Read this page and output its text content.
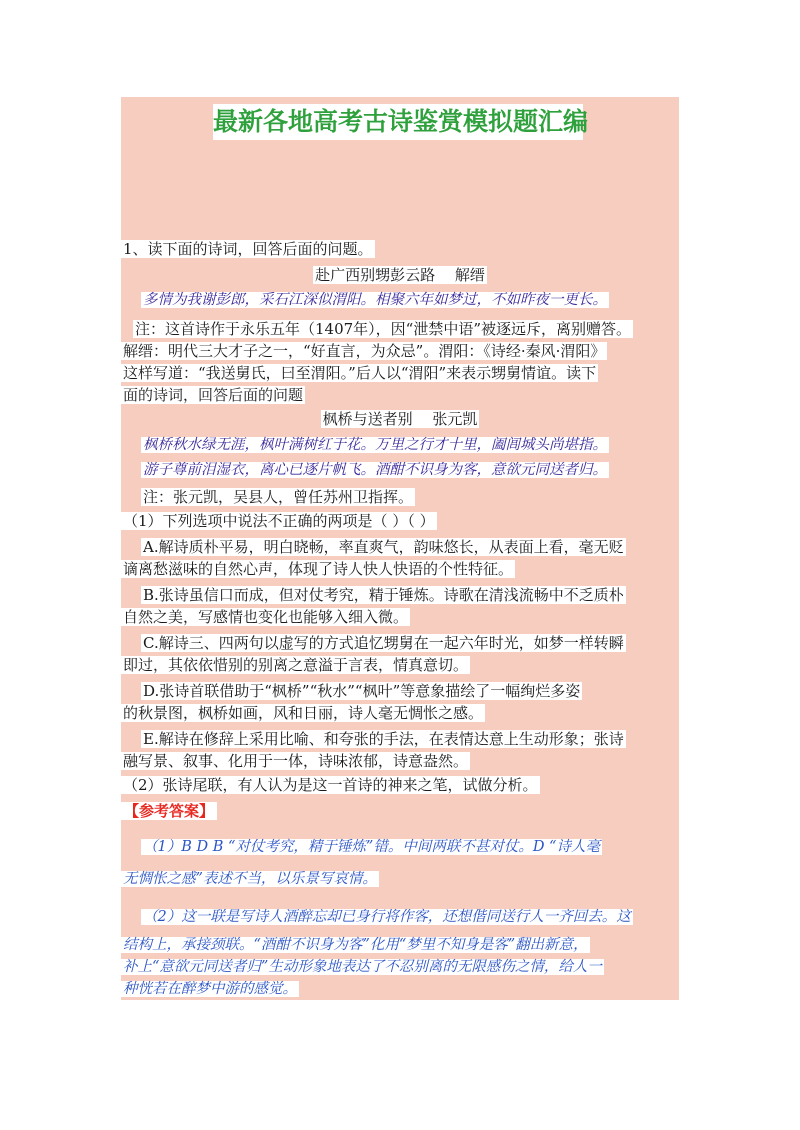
最新各地高考古诗鉴赏模拟题汇编
1、读下面的诗词，回答后面的问题。
赴广西别甥彭云路　 解缙
多情为我谢彭郎，采石江深似渭阳。相聚六年如梦过，不如昨夜一更长。
注：这首诗作于永乐五年（1407年），因“泄禁中语”被逐远斥，离别赠答。
解缙：明代三大才子之一，“好直言，为众忌”。渭阳：《诗经·秦风·渭阳》
这样写道：“我送舅氏，曰至渭阳。”后人以“渭阳”来表示甥舅情谊。读下
面的诗词，回答后面的问题
枫桥与送者别　 张元凯
枫桥秋水绿无涯，枫叶满树红于花。万里之行才十里，阖闾城头尚堪指。
游子尊前泪湿衣，离心已逐片帆飞。酒酣不识身为客，意欲元同送者归。
注：张元凯，吴县人，曾任苏州卫指挥。
（1）下列选项中说法不正确的两项是（ ）（ ）
A.解诗质朴平易，明白晓畅，率直爽气，韵味悠长，从表面上看，毫无贬
谪离愁滋味的自然心声，体现了诗人快人快语的个性特征。
B.张诗虽信口而成，但对仗考究，精于锤炼。诗歌在清浅流畅中不乏质朴
自然之美，写感情也变化也能够入细入微。
C.解诗三、四两句以虚写的方式追忆甥舅在一起六年时光，如梦一样转瞬
即过，其依依惜别的别离之意溢于言表，情真意切。
D.张诗首联借助于“枫桥”“秋水”“枫叶”等意象描绘了一幅绚烂多姿
的秋景图，枫桥如画，风和日丽，诗人毫无惆怅之感。
E.解诗在修辞上采用比喻、和夸张的手法，在表情达意上生动形象；张诗
融写景、叙事、化用于一体，诗味浓郁，诗意盎然。
（2）张诗尾联，有人认为是这一首诗的神来之笔，试做分析。
【参考答案】
（1）B D B “对仗考究，精于锤炼”错。中间两联不甚对仗。D “诗人毫
无惆怅之感”表述不当，以乐景写哀情。
（2）这一联是写诗人酒醉忘却已身行将作客，还想偕同送行人一齐回去。这
结构上，承接颈联。“酒酣不识身为客”化用“梦里不知身是客”翻出新意，
补上“意欲元同送者归”生动形象地表达了不忍别离的无限感伤之情，给人一
种恍若在醉梦中游的感觉。
